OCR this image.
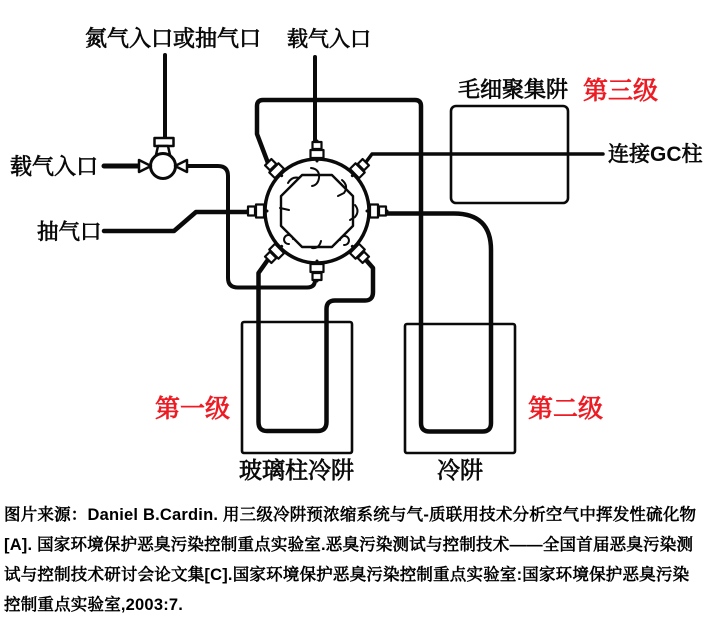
氮气入口或抽气口 载气入口
载气入口
抽气口
连接GC柱
毛细聚集阱 第三级
第一级	第二级
玻璃柱冷阱	冷阱
图片来源：Daniel B.Cardin. 用三级冷阱预浓缩系统与气-质联用技术分析空气中挥发性硫化物
[A]. 国家环境保护恶臭污染控制重点实验室.恶臭污染测试与控制技术——全国首届恶臭污染测
试与控制技术研讨会论文集[C].国家环境保护恶臭污染控制重点实验室:国家环境保护恶臭污染
控制重点实验室,2003:7.
